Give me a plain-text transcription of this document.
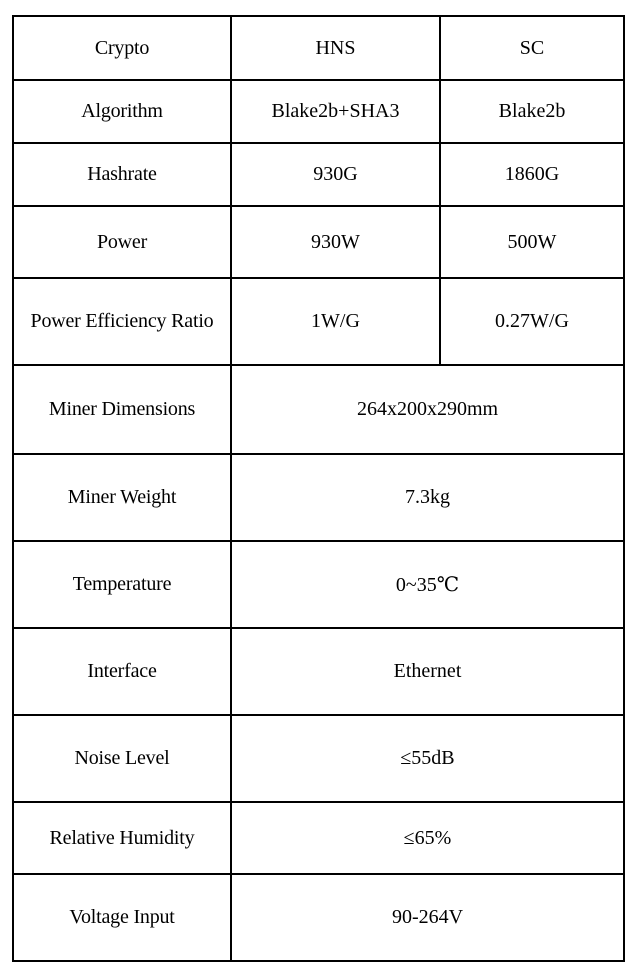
Crypto	HNS	SC
Algorithm	Blake2b+SHA3	Blake2b
Hashrate	930G	1860G
Power	930W	500W
Power Efficiency Ratio	1W/G	0.27W/G
Miner Dimensions	264x200x290mm	
Miner Weight	7.3kg	
Temperature	0~35℃	
Interface	Ethernet	
Noise Level	≤55dB	
Relative Humidity	≤65%	
Voltage Input	90-264V	
